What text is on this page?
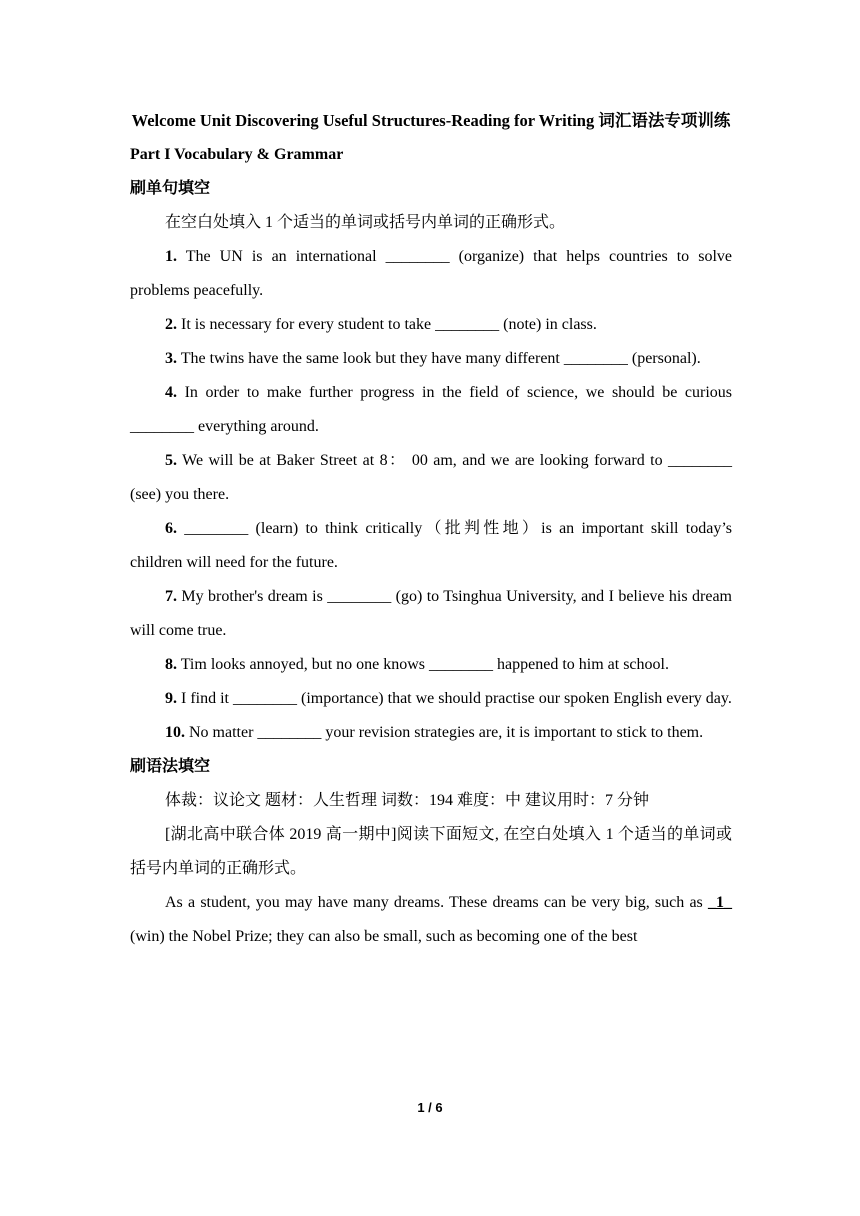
Welcome Unit Discovering Useful Structures-Reading for Writing 词汇语法专项训练

Part I Vocabulary & Grammar

刷单句填空

在空白处填入 1 个适当的单词或括号内单词的正确形式。

1. The UN is an international ________ (organize) that helps countries to solve problems peacefully.

2. It is necessary for every student to take ________ (note) in class.

3. The twins have the same look but they have many different ________ (personal).

4. In order to make further progress in the field of science, we should be curious ________ everything around.

5. We will be at Baker Street at 8： 00 am, and we are looking forward to ________ (see) you there.

6. ________ (learn) to think critically（批判性地）is an important skill today’s children will need for the future.

7. My brother's dream is ________ (go) to Tsinghua University, and I believe his dream will come true.

8. Tim looks annoyed, but no one knows ________ happened to him at school.

9. I find it ________ (importance) that we should practise our spoken English every day.

10. No matter ________ your revision strategies are, it is important to stick to them.

刷语法填空

体裁：议论文 题材：人生哲理 词数：194 难度：中 建议用时：7 分钟

[湖北高中联合体 2019 高一期中]阅读下面短文, 在空白处填入 1 个适当的单词或括号内单词的正确形式。

As a student, you may have many dreams. These dreams can be very big, such as _1_ (win) the Nobel Prize; they can also be small, such as becoming one of the best

1 / 6
